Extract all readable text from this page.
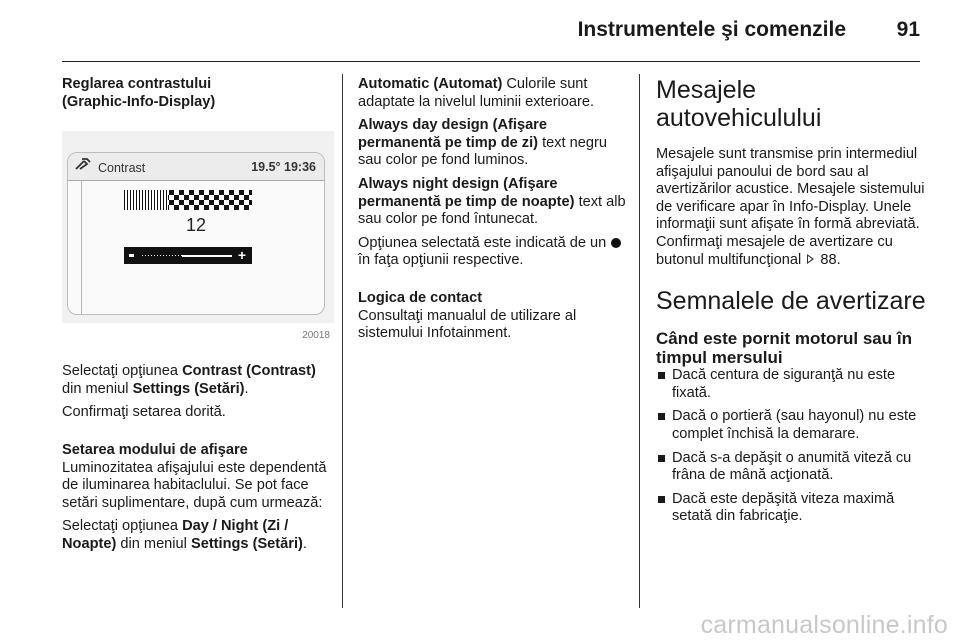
Instrumentele şi comenzile 91
Reglarea contrastului
(Graphic-Info-Display)
Contrast	19.5° 19:36
12
+
20018

Selectaţi opţiunea Contrast (Contrast) din meniul Settings (Setări).

Confirmaţi setarea dorită.

Setarea modului de afişare

Luminozitatea afişajului este dependentă de iluminarea habitaclului. Se pot face setări suplimentare, după cum urmează:

Selectaţi opţiunea Day / Night (Zi / Noapte) din meniul Settings (Setări).

Automatic (Automat) Culorile sunt adaptate la nivelul luminii exterioare.

Always day design (Afişare permanentă pe timp de zi) text negru sau color pe fond luminos.

Always night design (Afişare permanentă pe timp de noapte) text alb sau color pe fond întunecat.

Opţiunea selectată este indicată de un  în faţa opţiunii respective.

Logica de contact

Consultaţi manualul de utilizare al sistemului Infotainment.

Mesajele
autovehiculului

Mesajele sunt transmise prin intermediul afişajului panoului de bord sau al avertizărilor acustice. Mesajele sistemului de verificare apar în Info-Display. Unele informaţii sunt afişate în formă abreviată. Confirmaţi mesajele de avertizare cu butonul multifuncţional  88.

Semnalele de avertizare
Când este pornit motorul sau în timpul mersului
Dacă centura de siguranţă nu este fixată.
Dacă o portieră (sau hayonul) nu este complet închisă la demarare.
Dacă s-a depăşit o anumită viteză cu frâna de mână acţionată.
Dacă este depăşită viteza maximă setată din fabricaţie.
carmanualsonline.info
